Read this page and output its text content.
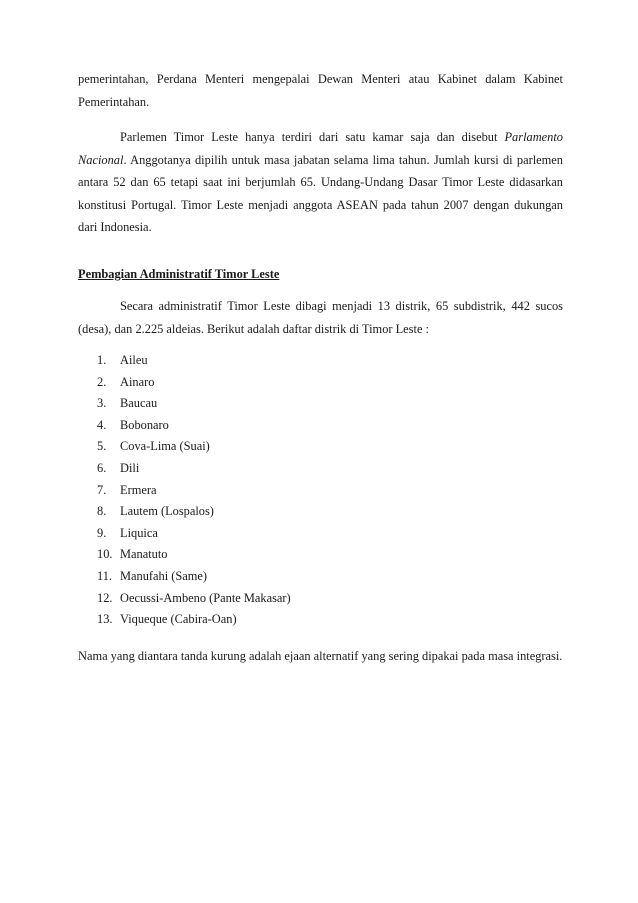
pemerintahan, Perdana Menteri mengepalai Dewan Menteri atau Kabinet dalam Kabinet Pemerintahan.

Parlemen Timor Leste hanya terdiri dari satu kamar saja dan disebut Parlamento Nacional. Anggotanya dipilih untuk masa jabatan selama lima tahun. Jumlah kursi di parlemen antara 52 dan 65 tetapi saat ini berjumlah 65. Undang-Undang Dasar Timor Leste didasarkan konstitusi Portugal. Timor Leste menjadi anggota ASEAN pada tahun 2007 dengan dukungan dari Indonesia.

Pembagian Administratif Timor Leste

Secara administratif Timor Leste dibagi menjadi 13 distrik, 65 subdistrik, 442 sucos (desa), dan 2.225 aldeias. Berikut adalah daftar distrik di Timor Leste :

1.	Aileu
2.	Ainaro
3.	Baucau
4.	Bobonaro
5.	Cova-Lima (Suai)
6.	Dili
7.	Ermera
8.	Lautem (Lospalos)
9.	Liquica
10. Manatuto
11. Manufahi (Same)
12. Oecussi-Ambeno (Pante Makasar)
13. Viqueque (Cabira-Oan)

Nama yang diantara tanda kurung adalah ejaan alternatif yang sering dipakai pada masa integrasi.
